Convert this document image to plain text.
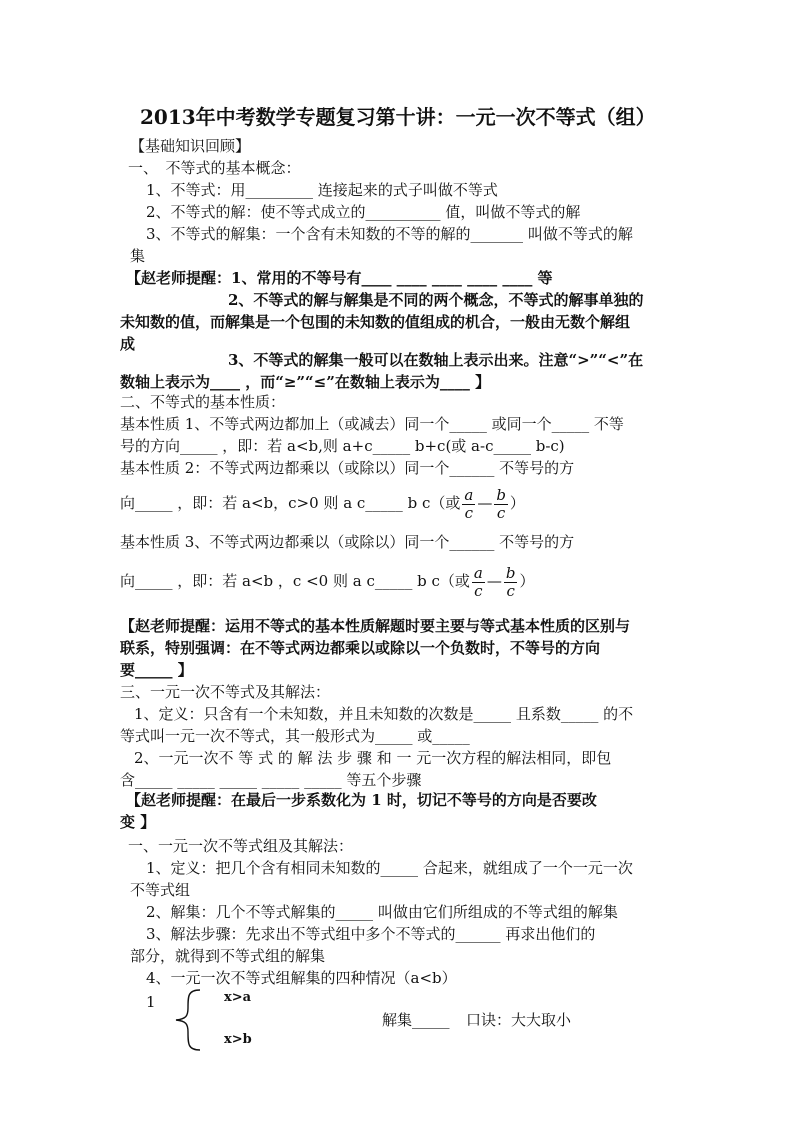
2013年中考数学专题复习第十讲：一元一次不等式（组）
【基础知识回顾】
一、　不等式的基本概念：
1、不等式：用_________ 连接起来的式子叫做不等式
2、不等式的解：使不等式成立的__________ 值，叫做不等式的解
3、不等式的解集：一个含有未知数的不等的解的_______ 叫做不等式的解
集
【赵老师提醒：1、常用的不等号有____ ____ ____ ____ ____ 等
2、不等式的解与解集是不同的两个概念，不等式的解事单独的
未知数的值，而解集是一个包围的未知数的值组成的机合，一般由无数个解组
成
3、不等式的解集一般可以在数轴上表示出来。注意“>”“<”在
数轴上表示为____ ，而“≥”“≤”在数轴上表示为____ 】
二、不等式的基本性质：
基本性质 1、不等式两边都加上（或减去）同一个_____ 或同一个_____ 不等
号的方向_____ ，即：若 a<b,则 a+c_____ b+c(或 a-c_____ b-c)
基本性质 2：不等式两边都乘以（或除以）同一个______ 不等号的方
向_____ ，即：若 a<b，c>0 则 a c_____ b c（或 $\frac{a}{c}$ — $\frac{b}{c}$ ）
基本性质 3、不等式两边都乘以（或除以）同一个______ 不等号的方
向_____ ，即：若 a<b ，c <0 则 a c_____ b c（或 $\frac{a}{c}$ — $\frac{b}{c}$ ）
【赵老师提醒：运用不等式的基本性质解题时要主要与等式基本性质的区别与
联系，特别强调：在不等式两边都乘以或除以一个负数时，不等号的方向
要_____ 】
三、一元一次不等式及其解法：
1、定义：只含有一个未知数，并且未知数的次数是_____ 且系数_____ 的不
等式叫一元一次不等式，其一般形式为_____ 或_____
2、一元一次不 等 式 的 解 法 步 骤 和 一 元一次方程的解法相同，即包
含_____ _____ _____ _____ _____ 等五个步骤
【赵老师提醒：在最后一步系数化为 1 时，切记不等号的方向是否要改
变 】
一、一元一次不等式组及其解法：
1、定义：把几个含有相同未知数的_____ 合起来，就组成了一个一元一次
不等式组
2、解集：几个不等式解集的_____ 叫做由它们所组成的不等式组的解集
3、解法步骤：先求出不等式组中多个不等式的______ 再求出他们的
部分，就得到不等式组的解集
4、一元一次不等式组解集的四种情况（a<b）
1	x>a
x>b
解集_____ 口诀：大大取小
